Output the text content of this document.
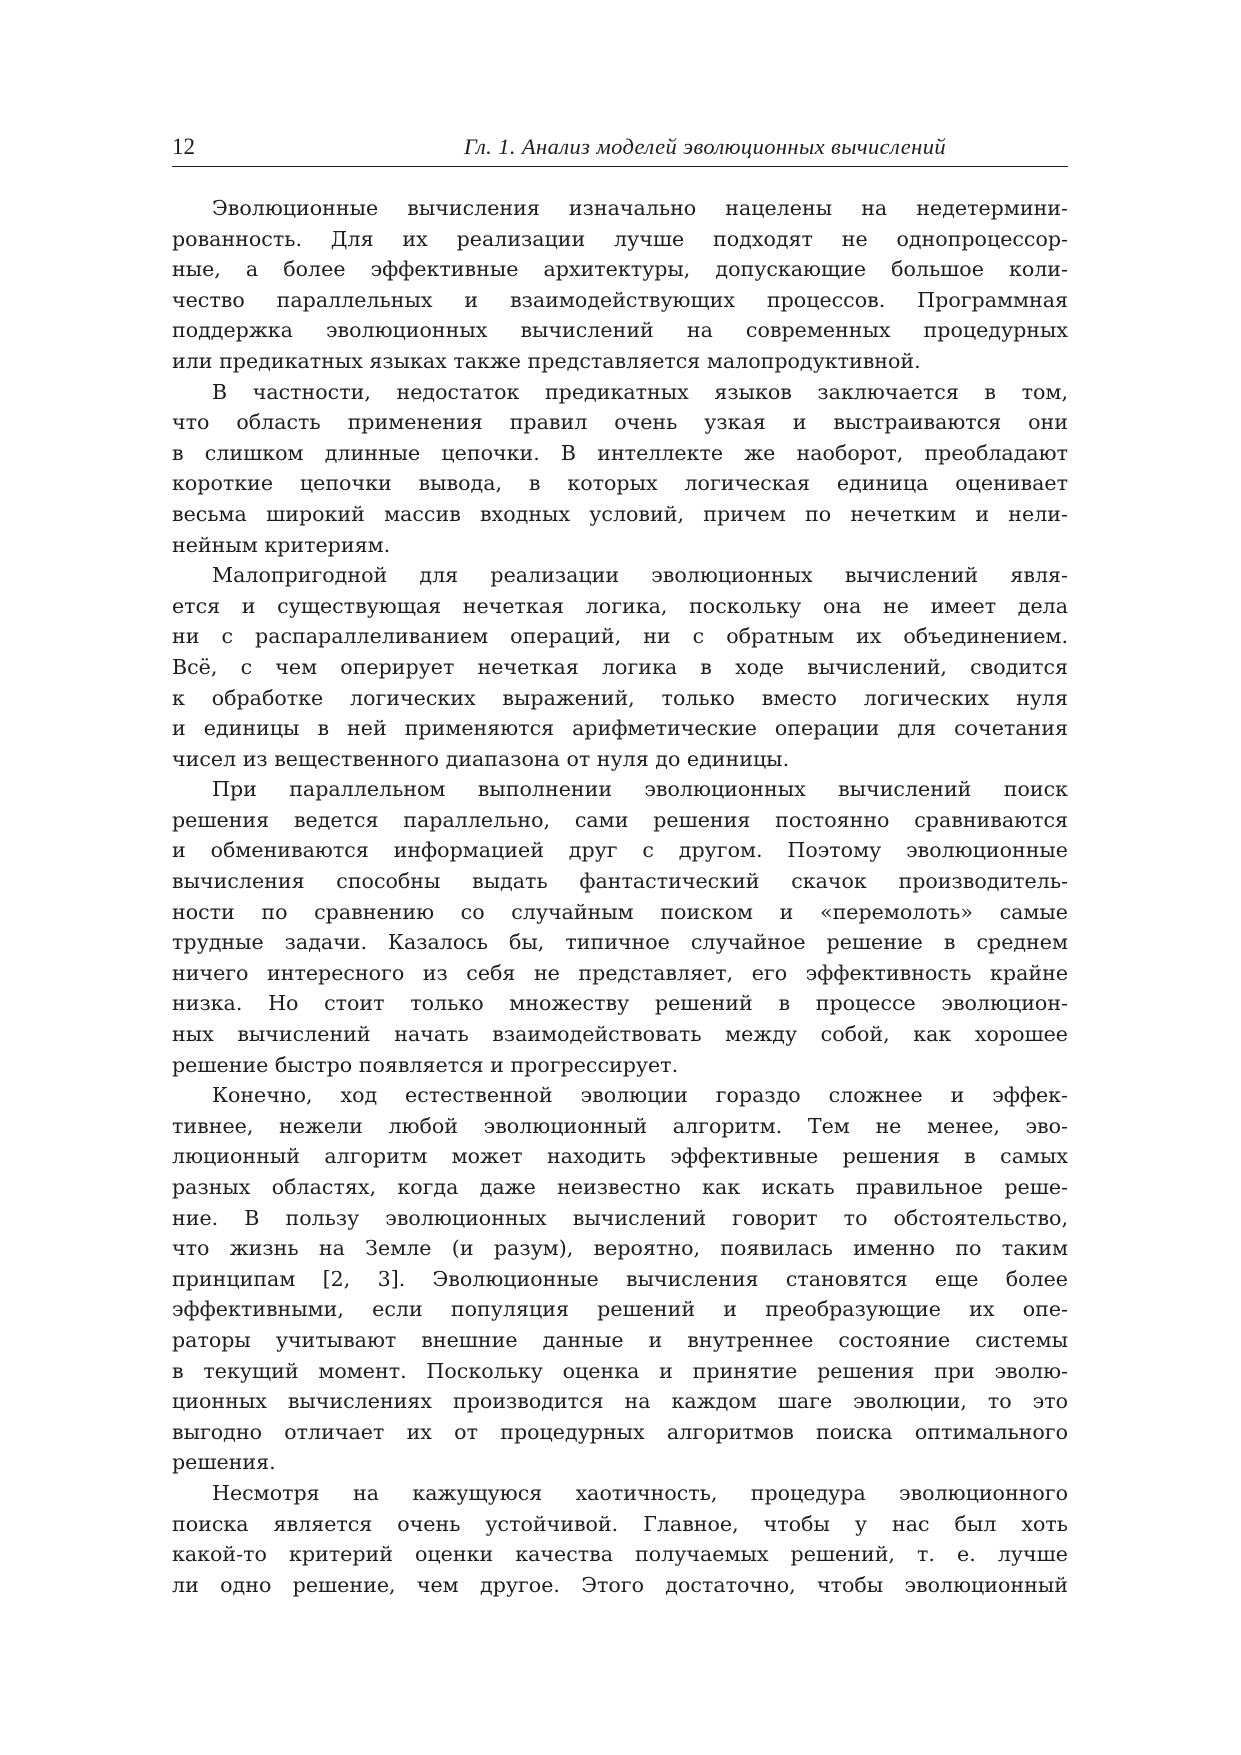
12	Гл. 1. Анализ моделей эволюционных вычислений

Эволюционные вычисления изначально нацелены на недетермини-
рованность. Для их реализации лучше подходят не однопроцессор-
ные, а более эффективные архитектуры, допускающие большое коли-
чество параллельных и взаимодействующих процессов. Программная
поддержка эволюционных вычислений на современных процедурных
или предикатных языках также представляется малопродуктивной.

В частности, недостаток предикатных языков заключается в том,
что область применения правил очень узкая и выстраиваются они
в слишком длинные цепочки. В интеллекте же наоборот, преобладают
короткие цепочки вывода, в которых логическая единица оценивает
весьма широкий массив входных условий, причем по нечетким и нели-
нейным критериям.

Малопригодной для реализации эволюционных вычислений явля-
ется и существующая нечеткая логика, поскольку она не имеет дела
ни с распараллеливанием операций, ни с обратным их объединением.
Всё, с чем оперирует нечеткая логика в ходе вычислений, сводится
к обработке логических выражений, только вместо логических нуля
и единицы в ней применяются арифметические операции для сочетания
чисел из вещественного диапазона от нуля до единицы.

При параллельном выполнении эволюционных вычислений поиск
решения ведется параллельно, сами решения постоянно сравниваются
и обмениваются информацией друг с другом. Поэтому эволюционные
вычисления способны выдать фантастический скачок производитель-
ности по сравнению со случайным поиском и «перемолоть» самые
трудные задачи. Казалось бы, типичное случайное решение в среднем
ничего интересного из себя не представляет, его эффективность крайне
низка. Но стоит только множеству решений в процессе эволюцион-
ных вычислений начать взаимодействовать между собой, как хорошее
решение быстро появляется и прогрессирует.

Конечно, ход естественной эволюции гораздо сложнее и эффек-
тивнее, нежели любой эволюционный алгоритм. Тем не менее, эво-
люционный алгоритм может находить эффективные решения в самых
разных областях, когда даже неизвестно как искать правильное реше-
ние. В пользу эволюционных вычислений говорит то обстоятельство,
что жизнь на Земле (и разум), вероятно, появилась именно по таким
принципам [2, 3]. Эволюционные вычисления становятся еще более
эффективными, если популяция решений и преобразующие их опе-
раторы учитывают внешние данные и внутреннее состояние системы
в текущий момент. Поскольку оценка и принятие решения при эволю-
ционных вычислениях производится на каждом шаге эволюции, то это
выгодно отличает их от процедурных алгоритмов поиска оптимального
решения.

Несмотря на кажущуюся хаотичность, процедура эволюционного
поиска является очень устойчивой. Главное, чтобы у нас был хоть
какой-то критерий оценки качества получаемых решений, т. е. лучше
ли одно решение, чем другое. Этого достаточно, чтобы эволюционный
